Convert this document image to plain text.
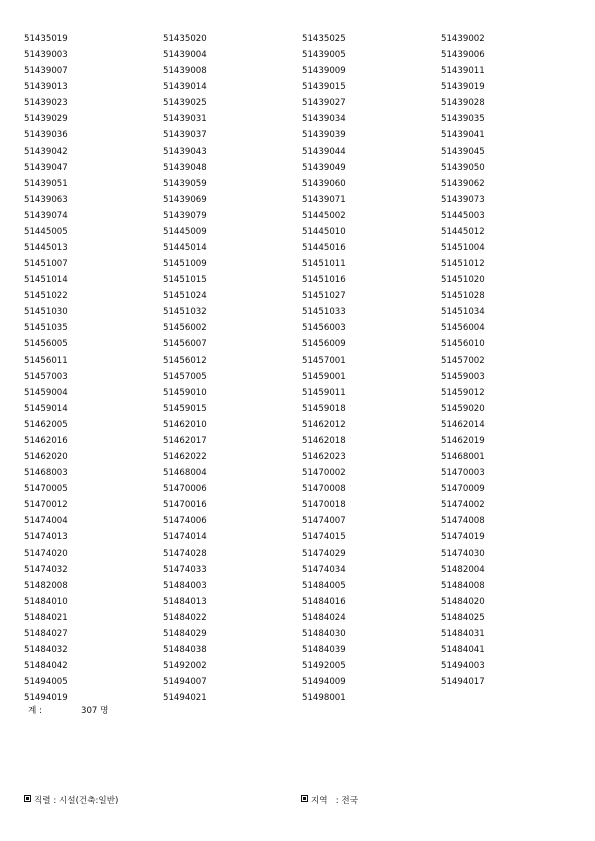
51435019	51435020	51435025	51439002
51439003	51439004	51439005	51439006
51439007	51439008	51439009	51439011
51439013	51439014	51439015	51439019
51439023	51439025	51439027	51439028
51439029	51439031	51439034	51439035
51439036	51439037	51439039	51439041
51439042	51439043	51439044	51439045
51439047	51439048	51439049	51439050
51439051	51439059	51439060	51439062
51439063	51439069	51439071	51439073
51439074	51439079	51445002	51445003
51445005	51445009	51445010	51445012
51445013	51445014	51445016	51451004
51451007	51451009	51451011	51451012
51451014	51451015	51451016	51451020
51451022	51451024	51451027	51451028
51451030	51451032	51451033	51451034
51451035	51456002	51456003	51456004
51456005	51456007	51456009	51456010
51456011	51456012	51457001	51457002
51457003	51457005	51459001	51459003
51459004	51459010	51459011	51459012
51459014	51459015	51459018	51459020
51462005	51462010	51462012	51462014
51462016	51462017	51462018	51462019
51462020	51462022	51462023	51468001
51468003	51468004	51470002	51470003
51470005	51470006	51470008	51470009
51470012	51470016	51470018	51474002
51474004	51474006	51474007	51474008
51474013	51474014	51474015	51474019
51474020	51474028	51474029	51474030
51474032	51474033	51474034	51482004
51482008	51484003	51484005	51484008
51484010	51484013	51484016	51484020
51484021	51484022	51484024	51484025
51484027	51484029	51484030	51484031
51484032	51484038	51484039	51484041
51484042	51492002	51492005	51494003
51494005	51494007	51494009	51494017
51494019	51494021	51498001
계 :	307 명
직렬 : 시설(건축:일반)	지역   : 전국
